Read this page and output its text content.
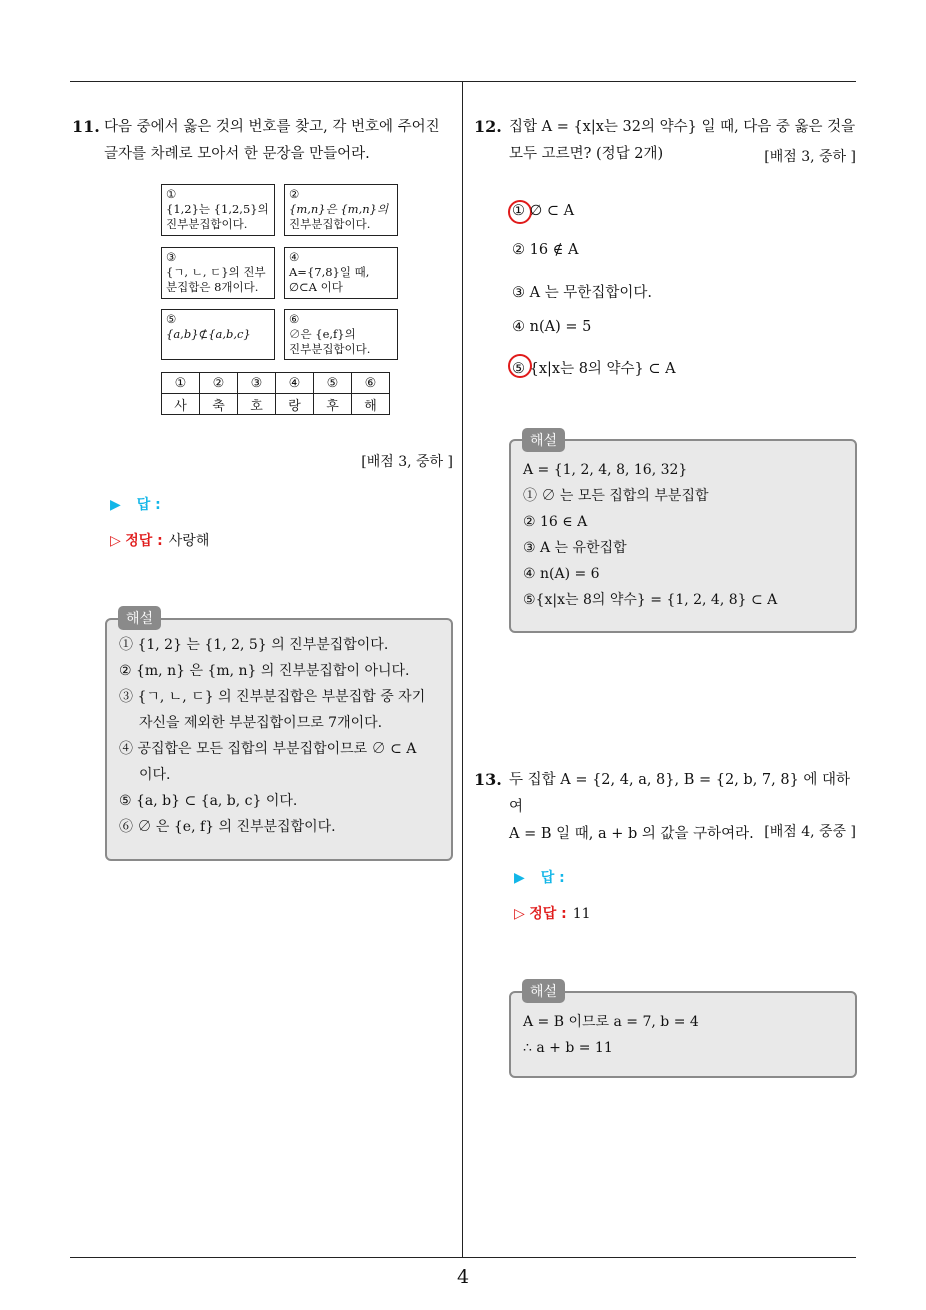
11. 다음 중에서 옳은 것의 번호를 찾고, 각 번호에 주어진
글자를 차례로 모아서 한 문장을 만들어라.
①
{1,2}는 {1,2,5}의
진부분집합이다.
②
{m,n}은 {m,n}의
진부분집합이다.
③
{ㄱ, ㄴ, ㄷ}의 진부
분집합은 8개이다.
④
A={7,8}일 때,
∅⊂A 이다
⑤
{a,b}⊄{a,b,c}
⑥
∅은 {e,f}의
진부분집합이다.
①	②	③	④	⑤	⑥
사	축	호	랑	후	해
[배점 3, 중하 ]
▶ 답 :
▷ 정답 : 사랑해
① {1, 2} 는 {1, 2, 5} 의 진부분집합이다.
② {m, n} 은 {m, n} 의 진부분집합이 아니다.
③ {ㄱ, ㄴ, ㄷ} 의 진부분집합은 부분집합 중 자기
자신을 제외한 부분집합이므로 7개이다.
④ 공집합은 모든 집합의 부분집합이므로 ∅ ⊂ A
이다.
⑤ {a, b} ⊂ {a, b, c} 이다.
⑥ ∅ 은 {e, f} 의 진부분집합이다.
해설
12. 집합 A = {x|x는 32의 약수} 일 때, 다음 중 옳은 것을
모두 고르면? (정답 2개)	[배점 3, 중하 ]
① ∅ ⊂ A
② 16 ∉ A
③ A 는 무한집합이다.
④ n(A) = 5
⑤ {x|x는 8의 약수} ⊂ A
A = {1, 2, 4, 8, 16, 32}
① ∅ 는 모든 집합의 부분집합
② 16 ∈ A
③ A 는 유한집합
④ n(A) = 6
⑤{x|x는 8의 약수} = {1, 2, 4, 8} ⊂ A
해설
13. 두 집합 A = {2, 4, a, 8}, B = {2, b, 7, 8} 에 대하여
A = B 일 때, a + b 의 값을 구하여라. [배점 4, 중중 ]
▶ 답 :
▷ 정답 : 11
A = B 이므로 a = 7, b = 4
∴ a + b = 11
해설
4
